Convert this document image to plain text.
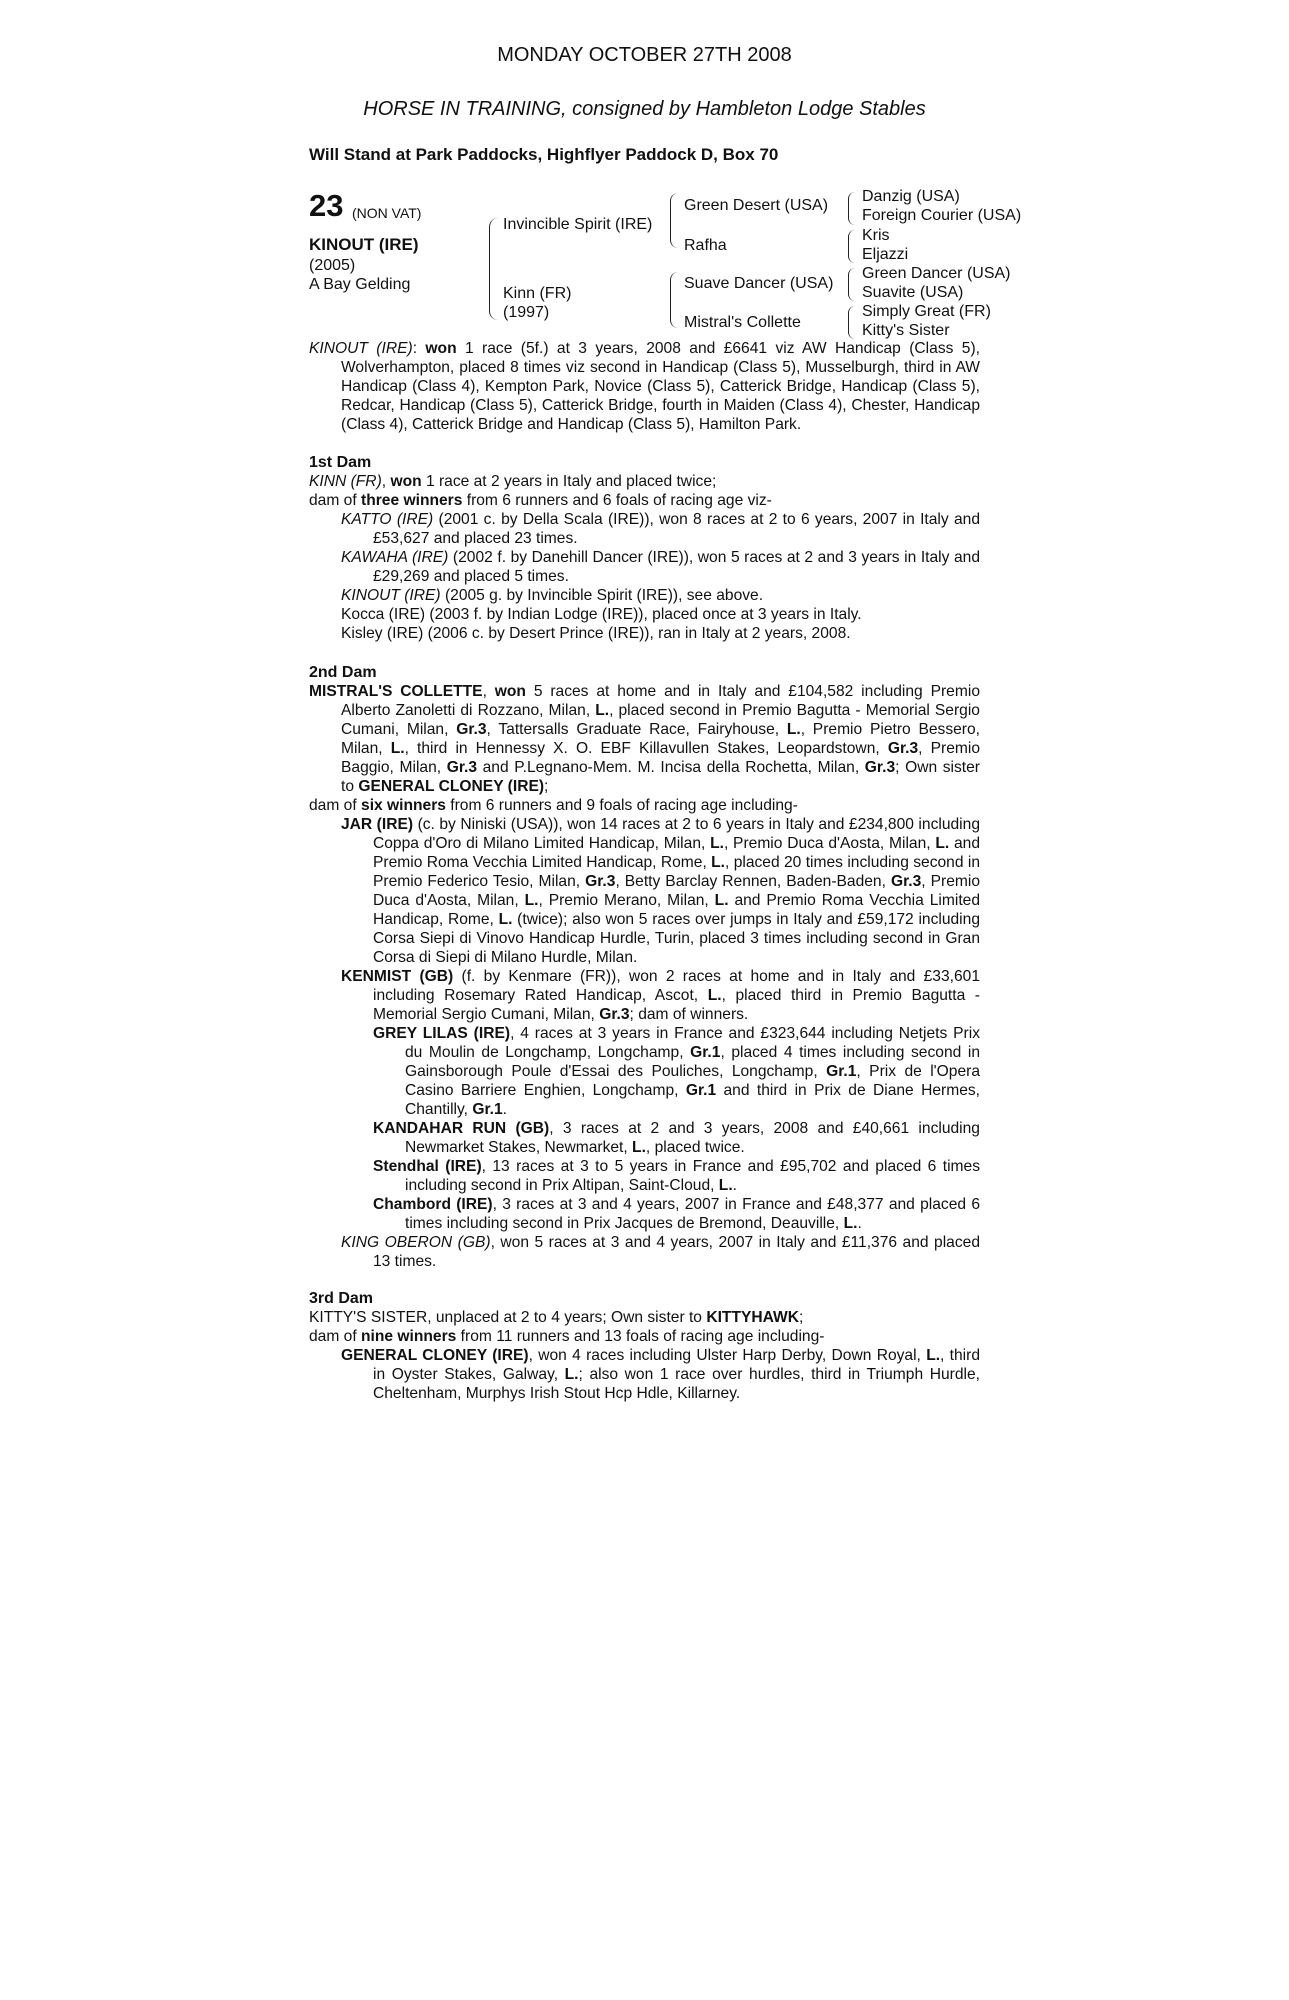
MONDAY OCTOBER 27TH 2008
HORSE IN TRAINING, consigned by Hambleton Lodge Stables
Will Stand at Park Paddocks, Highflyer Paddock D, Box 70
23 (NON VAT)
KINOUT (IRE)
(2005)
A Bay Gelding
Invincible Spirit (IRE)
Kinn (FR)
(1997)
Green Desert (USA)
Rafha
Suave Dancer (USA)
Mistral's Collette
Danzig (USA)
Foreign Courier (USA)
Kris
Eljazzi
Green Dancer (USA)
Suavite (USA)
Simply Great (FR)
Kitty's Sister

KINOUT (IRE): won 1 race (5f.) at 3 years, 2008 and £6641 viz AW Handicap (Class 5), Wolverhampton, placed 8 times viz second in Handicap (Class 5), Musselburgh, third in AW Handicap (Class 4), Kempton Park, Novice (Class 5), Catterick Bridge, Handicap (Class 5), Redcar, Handicap (Class 5), Catterick Bridge, fourth in Maiden (Class 4), Chester, Handicap (Class 4), Catterick Bridge and Handicap (Class 5), Hamilton Park.

1st Dam

KINN (FR), won 1 race at 2 years in Italy and placed twice;

dam of three winners from 6 runners and 6 foals of racing age viz-

KATTO (IRE) (2001 c. by Della Scala (IRE)), won 8 races at 2 to 6 years, 2007 in Italy and £53,627 and placed 23 times.

KAWAHA (IRE) (2002 f. by Danehill Dancer (IRE)), won 5 races at 2 and 3 years in Italy and £29,269 and placed 5 times.

KINOUT (IRE) (2005 g. by Invincible Spirit (IRE)), see above.

Kocca (IRE) (2003 f. by Indian Lodge (IRE)), placed once at 3 years in Italy.

Kisley (IRE) (2006 c. by Desert Prince (IRE)), ran in Italy at 2 years, 2008.

2nd Dam

MISTRAL'S COLLETTE, won 5 races at home and in Italy and £104,582 including Premio Alberto Zanoletti di Rozzano, Milan, L., placed second in Premio Bagutta - Memorial Sergio Cumani, Milan, Gr.3, Tattersalls Graduate Race, Fairyhouse, L., Premio Pietro Bessero, Milan, L., third in Hennessy X. O. EBF Killavullen Stakes, Leopardstown, Gr.3, Premio Baggio, Milan, Gr.3 and P.Legnano-Mem. M. Incisa della Rochetta, Milan, Gr.3; Own sister to GENERAL CLONEY (IRE);

dam of six winners from 6 runners and 9 foals of racing age including-

JAR (IRE) (c. by Niniski (USA)), won 14 races at 2 to 6 years in Italy and £234,800 including Coppa d'Oro di Milano Limited Handicap, Milan, L., Premio Duca d'Aosta, Milan, L. and Premio Roma Vecchia Limited Handicap, Rome, L., placed 20 times including second in Premio Federico Tesio, Milan, Gr.3, Betty Barclay Rennen, Baden-Baden, Gr.3, Premio Duca d'Aosta, Milan, L., Premio Merano, Milan, L. and Premio Roma Vecchia Limited Handicap, Rome, L. (twice); also won 5 races over jumps in Italy and £59,172 including Corsa Siepi di Vinovo Handicap Hurdle, Turin, placed 3 times including second in Gran Corsa di Siepi di Milano Hurdle, Milan.

KENMIST (GB) (f. by Kenmare (FR)), won 2 races at home and in Italy and £33,601 including Rosemary Rated Handicap, Ascot, L., placed third in Premio Bagutta - Memorial Sergio Cumani, Milan, Gr.3; dam of winners.

GREY LILAS (IRE), 4 races at 3 years in France and £323,644 including Netjets Prix du Moulin de Longchamp, Longchamp, Gr.1, placed 4 times including second in Gainsborough Poule d'Essai des Pouliches, Longchamp, Gr.1, Prix de l'Opera Casino Barriere Enghien, Longchamp, Gr.1 and third in Prix de Diane Hermes, Chantilly, Gr.1.

KANDAHAR RUN (GB), 3 races at 2 and 3 years, 2008 and £40,661 including Newmarket Stakes, Newmarket, L., placed twice.

Stendhal (IRE), 13 races at 3 to 5 years in France and £95,702 and placed 6 times including second in Prix Altipan, Saint-Cloud, L..

Chambord (IRE), 3 races at 3 and 4 years, 2007 in France and £48,377 and placed 6 times including second in Prix Jacques de Bremond, Deauville, L..

KING OBERON (GB), won 5 races at 3 and 4 years, 2007 in Italy and £11,376 and placed 13 times.

3rd Dam

KITTY'S SISTER, unplaced at 2 to 4 years; Own sister to KITTYHAWK;

dam of nine winners from 11 runners and 13 foals of racing age including-

GENERAL CLONEY (IRE), won 4 races including Ulster Harp Derby, Down Royal, L., third in Oyster Stakes, Galway, L.; also won 1 race over hurdles, third in Triumph Hurdle, Cheltenham, Murphys Irish Stout Hcp Hdle, Killarney.
